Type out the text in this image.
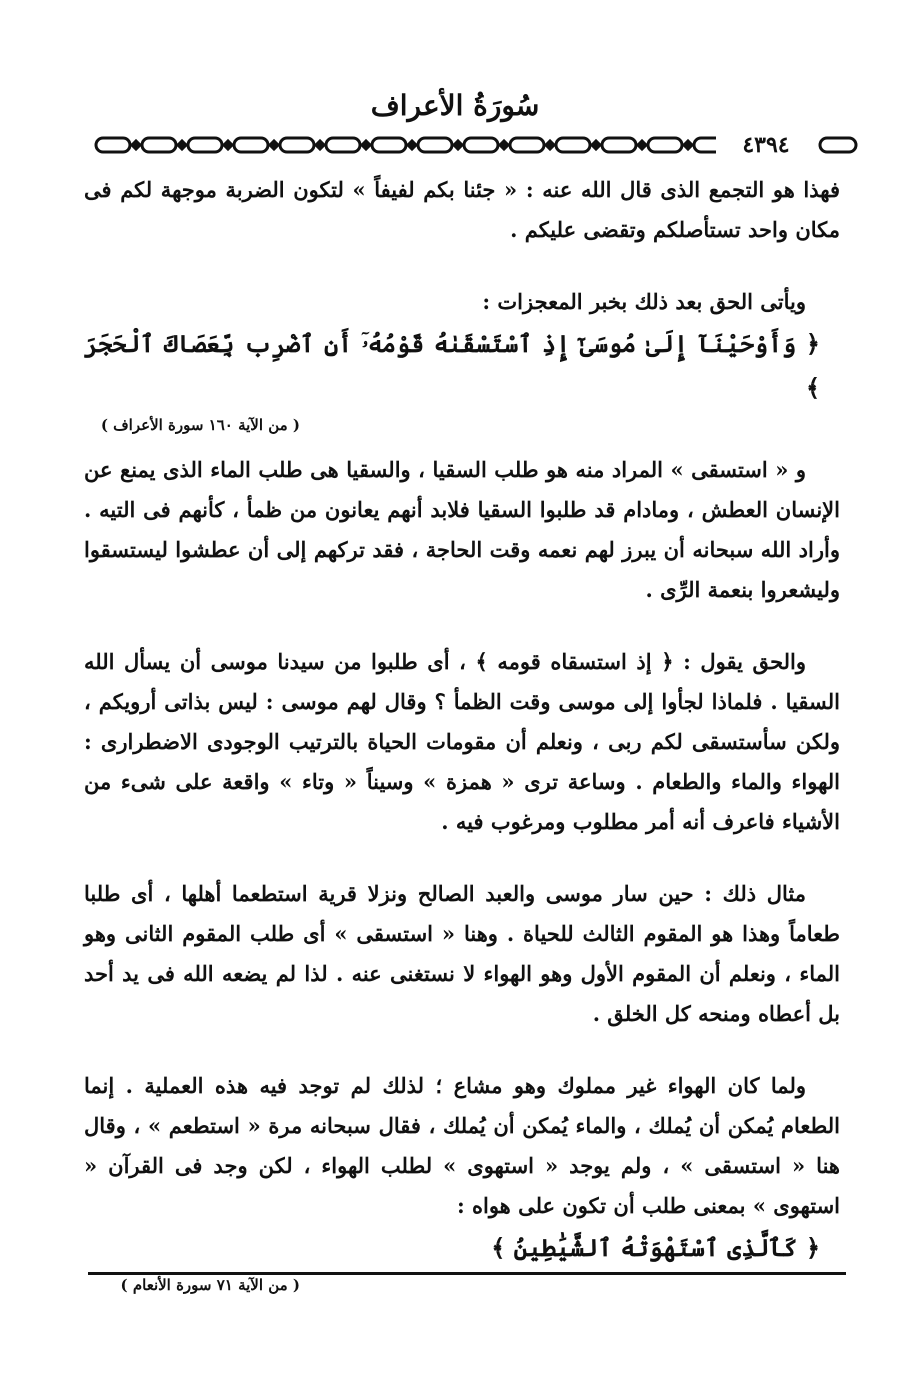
سُورَةُ الأعراف
٤٣٩٤

فهذا هو التجمع الذى قال الله عنه : « جئنا بكم لفيفاً » لتكون الضربة موجهة لكم فى مكان واحد تستأصلكم وتقضى عليكم .

ويأتى الحق بعد ذلك بخبر المعجزات :

﴿ وَأَوْحَيْنَآ إِلَىٰ مُوسَىٰٓ إِذِ ٱسْتَسْقَىٰهُ قَوْمُهُۥٓ أَنِ ٱضْرِب بِّعَصَاكَ ٱلْحَجَرَ ﴾

( من الآية ١٦٠ سورة الأعراف )

و « استسقى » المراد منه هو طلب السقيا ، والسقيا هى طلب الماء الذى يمنع عن الإنسان العطش ، ومادام قد طلبوا السقيا فلابد أنهم يعانون من ظمأ ، كأنهم فى التيه . وأراد الله سبحانه أن يبرز لهم نعمه وقت الحاجة ، فقد تركهم إلى أن عطشوا ليستسقوا وليشعروا بنعمة الرِّى .

والحق يقول : ﴿ إذ استسقاه قومه ﴾ ، أى طلبوا من سيدنا موسى أن يسأل الله السقيا . فلماذا لجأوا إلى موسى وقت الظمأ ؟ وقال لهم موسى : ليس بذاتى أرويكم ، ولكن سأستسقى لكم ربى ، ونعلم أن مقومات الحياة بالترتيب الوجودى الاضطرارى : الهواء والماء والطعام . وساعة ترى « همزة » وسيناً « وتاء » واقعة على شىء من الأشياء فاعرف أنه أمر مطلوب ومرغوب فيه .

مثال ذلك : حين سار موسى والعبد الصالح ونزلا قرية استطعما أهلها ، أى طلبا طعاماً وهذا هو المقوم الثالث للحياة . وهنا « استسقى » أى طلب المقوم الثانى وهو الماء ، ونعلم أن المقوم الأول وهو الهواء لا نستغنى عنه . لذا لم يضعه الله فى يد أحد بل أعطاه ومنحه كل الخلق .

ولما كان الهواء غير مملوك وهو مشاع ؛ لذلك لم توجد فيه هذه العملية . إنما الطعام يُمكن أن يُملك ، والماء يُمكن أن يُملك ، فقال سبحانه مرة « استطعم » ، وقال هنا « استسقى » ، ولم يوجد « استهوى » لطلب الهواء ، لكن وجد فى القرآن « استهوى » بمعنى طلب أن تكون على هواه :

﴿ كَٱلَّذِى ٱسْتَهْوَتْهُ ٱلشَّيَٰطِينُ ﴾

( من الآية ٧١ سورة الأنعام )
